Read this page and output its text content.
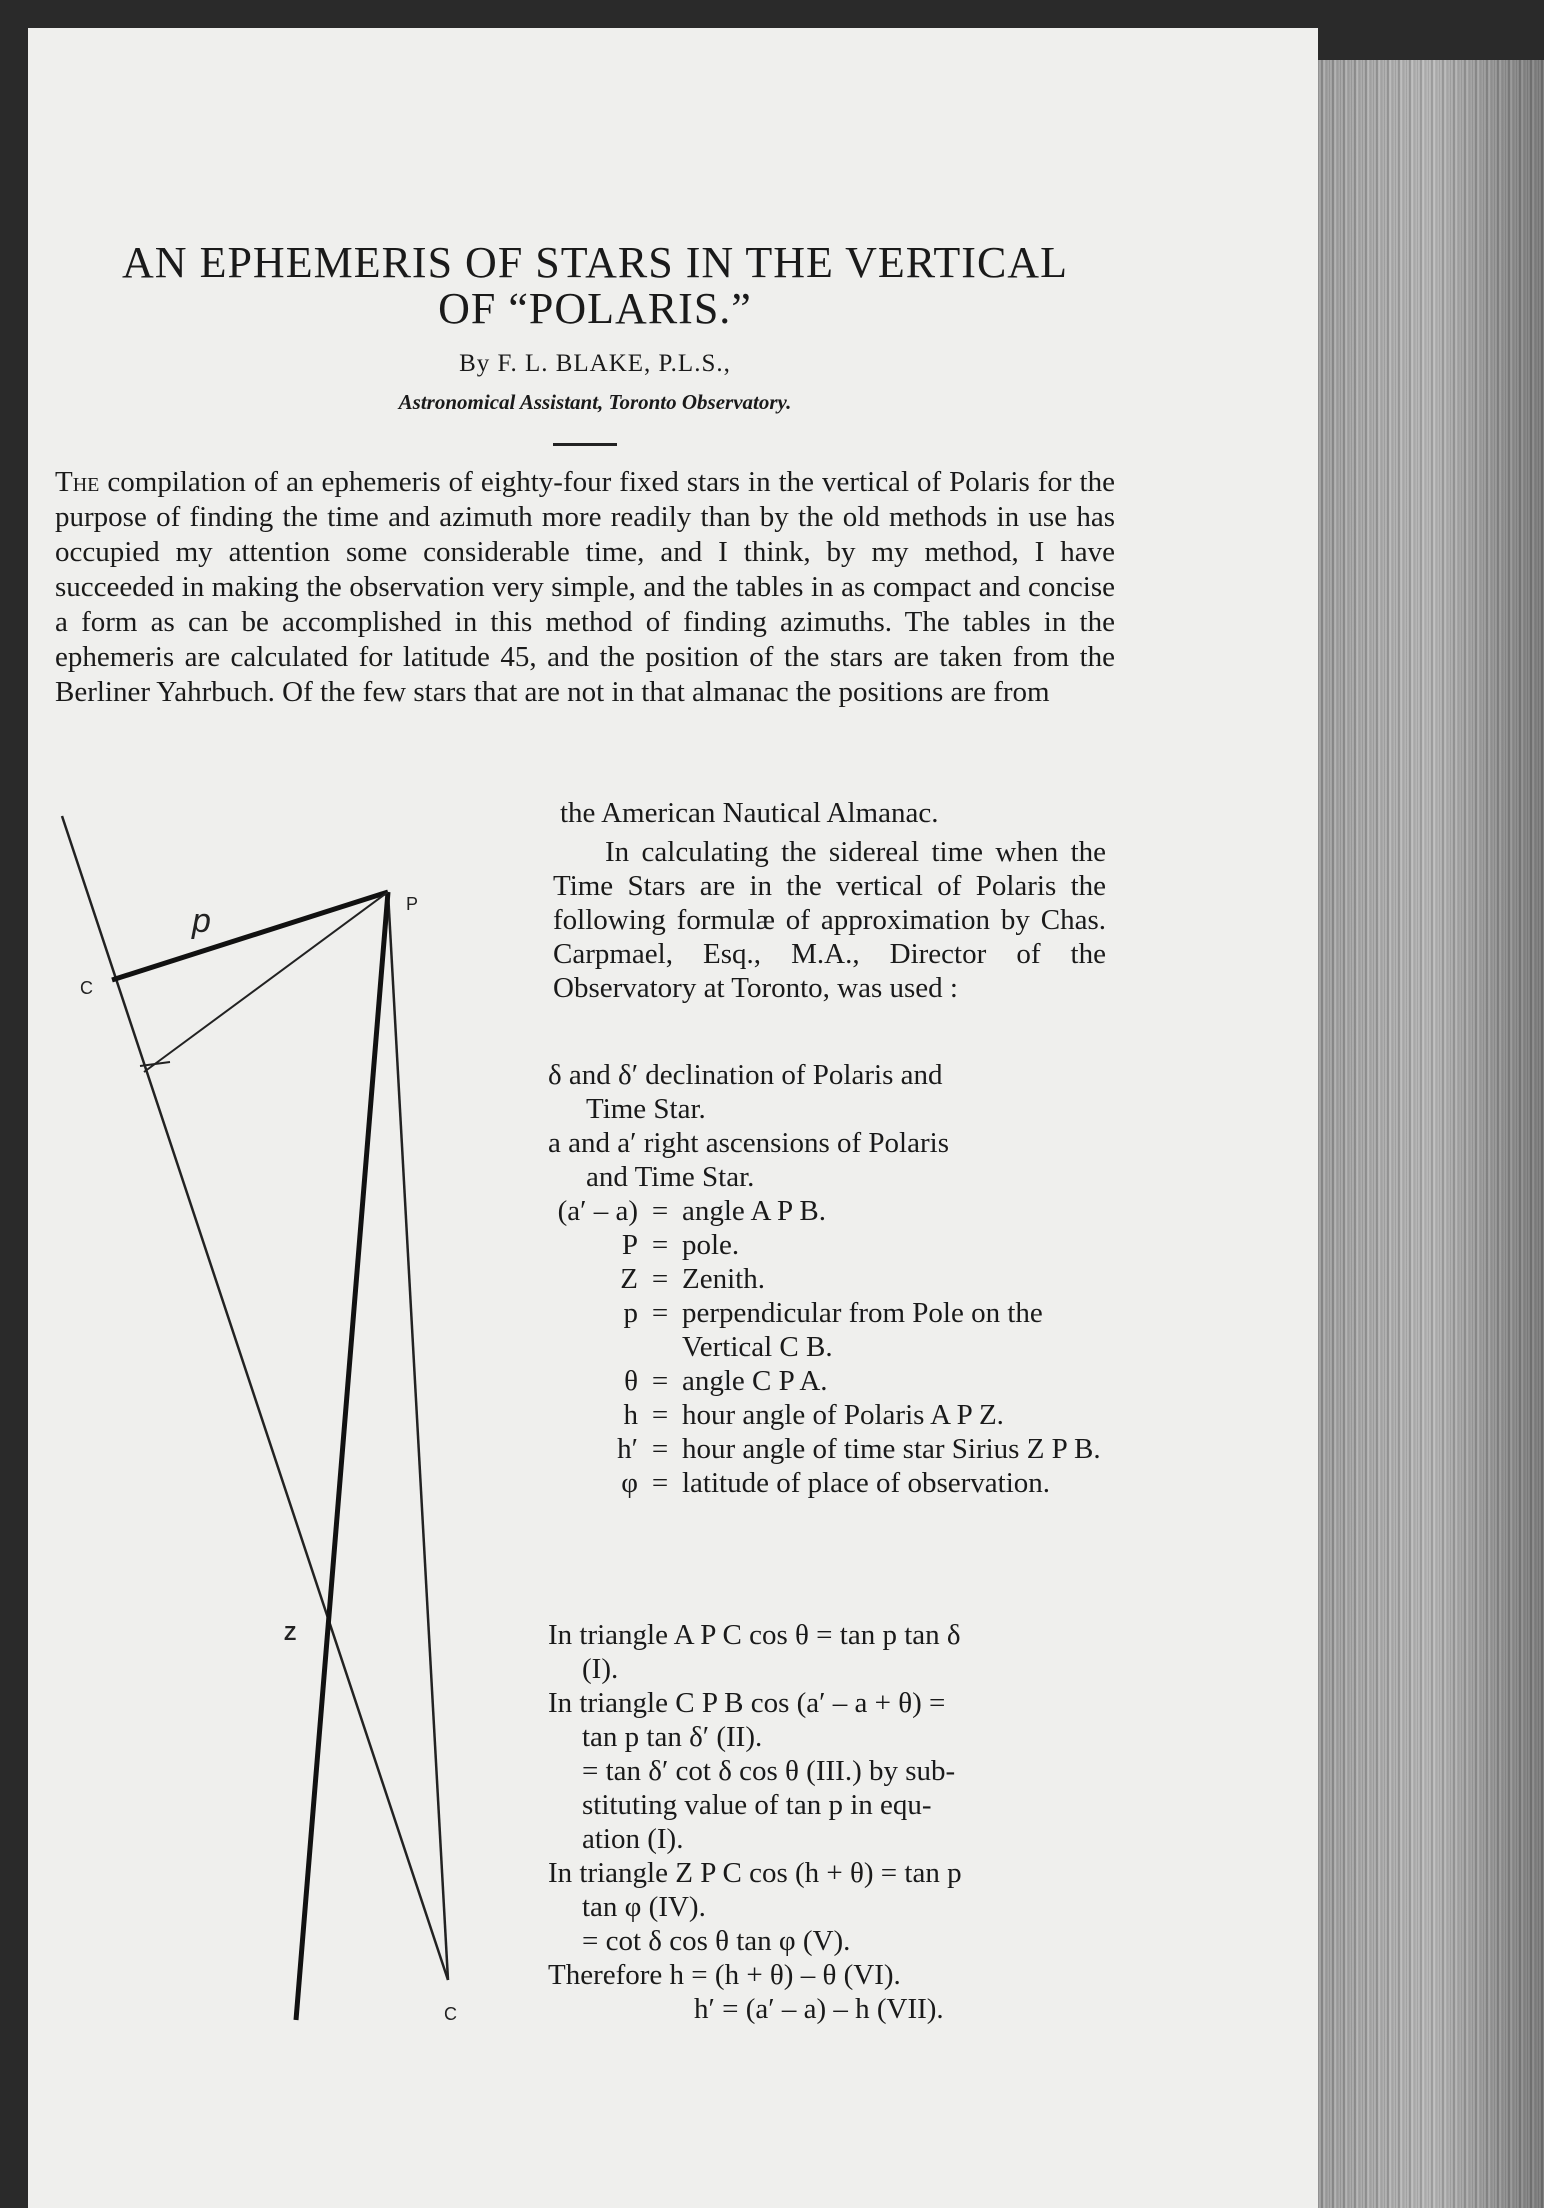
AN EPHEMERIS OF STARS IN THE VERTICAL
OF “POLARIS.”
By F. L. BLAKE, P.L.S.,
Astronomical Assistant, Toronto Observatory.

The compilation of an ephemeris of eighty-four fixed stars in the vertical of Polaris for the purpose of finding the time and azimuth more readily than by the old methods in use has occupied my attention some considerable time, and I think, by my method, I have succeeded in making the observation very simple, and the tables in as compact and concise a form as can be accomplished in this method of finding azimuths. The tables in the ephemeris are calculated for latitude 45, and the position of the stars are taken from the Berliner Yahrbuch. Of the few stars that are not in that almanac the positions are from

the American Nautical Almanac.
p	P
C
Z
C

In calculating the sidereal time when the Time Stars are in the vertical of Polaris the following formulæ of approximation by Chas. Carpmael, Esq., M.A., Director of the Observatory at Toronto, was used :

δ and δ′ declination of Polaris and
Time Star.
a and a′ right ascensions of Polaris
and Time Star.
(a′ – a) = angle A P B.
P = pole.
Z = Zenith.
p = perpendicular from Pole on the Vertical C B.
θ = angle C P A.
h = hour angle of Polaris A P Z.
h′ = hour angle of time star Sirius Z P B.
φ = latitude of place of observation.
In triangle A P C cos θ = tan p tan δ
(I).
In triangle C P B cos (a′ – a + θ) =
tan p tan δ′ (II).
= tan δ′ cot δ cos θ (III.) by sub-
stituting value of tan p in equ-
ation (I).
In triangle Z P C cos (h + θ) = tan p
tan φ (IV).
= cot δ cos θ tan φ (V).
Therefore h = (h + θ) – θ (VI).
h′ = (a′ – a) – h (VII).
